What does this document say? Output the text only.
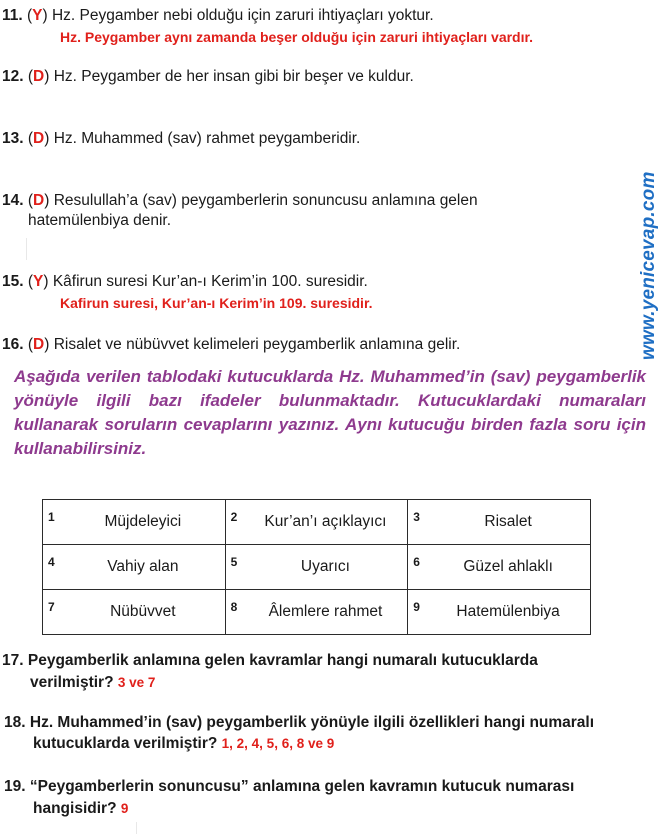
11. (Y) Hz. Peygamber nebi olduğu için zaruri ihtiyaçları yoktur.
Hz. Peygamber aynı zamanda beşer olduğu için zaruri ihtiyaçları vardır.
12. (D) Hz. Peygamber de her insan gibi bir beşer ve kuldur.
13. (D) Hz. Muhammed (sav) rahmet peygamberidir.
14. (D) Resulullah’a (sav) peygamberlerin sonuncusu anlamına gelen
hatemülenbiya denir.
15. (Y) Kâfirun suresi Kur’an-ı Kerim’in 100. suresidir.
Kafirun suresi, Kur’an-ı Kerim’in 109. suresidir.
16. (D) Risalet ve nübüvvet kelimeleri peygamberlik anlamına gelir.	www.yenicevap.com
Aşağıda verilen tablodaki kutucuklarda Hz. Muhammed’in (sav) peygamberlik yönüyle ilgili bazı ifadeler bulunmaktadır. Kutucuklardaki numaraları kullanarak soruların cevaplarını yazınız. Aynı kutucuğu birden fazla soru için kullanabilirsiniz.
1 Müjdeleyici	2 Kur’an’ı açıklayıcı	3 Risalet

4 Vahiy alan	5 Uyarıcı	6 Güzel ahlaklı

7 Nübüvvet	8 Âlemlere rahmet	9 Hatemülenbiya
17. Peygamberlik anlamına gelen kavramlar hangi numaralı kutucuklarda
verilmiştir? 3 ve 7
18. Hz. Muhammed’in (sav) peygamberlik yönüyle ilgili özellikleri hangi numaralı
kutucuklarda verilmiştir? 1, 2, 4, 5, 6, 8 ve 9
19. “Peygamberlerin sonuncusu” anlamına gelen kavramın kutucuk numarası
hangisidir? 9
